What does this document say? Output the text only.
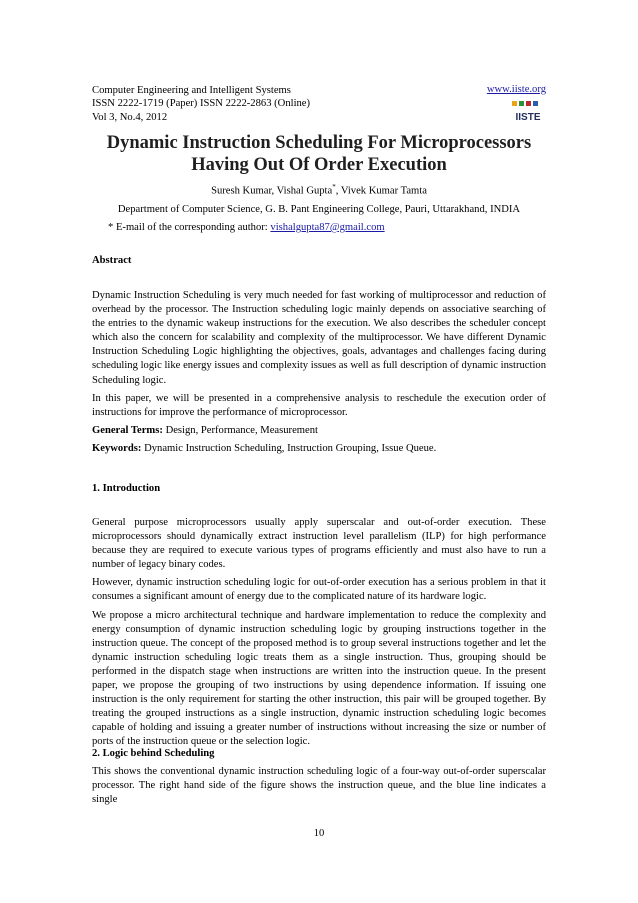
Computer Engineering and Intelligent Systems
ISSN 2222-1719 (Paper) ISSN 2222-2863 (Online)
Vol 3, No.4, 2012
www.iiste.org
IISTE
Dynamic Instruction Scheduling For Microprocessors Having Out Of Order Execution
Suresh Kumar, Vishal Gupta*, Vivek Kumar Tamta
Department of Computer Science, G. B. Pant Engineering College, Pauri, Uttarakhand, INDIA
* E-mail of the corresponding author: vishalgupta87@gmail.com
Abstract

Dynamic Instruction Scheduling is very much needed for fast working of multiprocessor and reduction of overhead by the processor. The Instruction scheduling logic mainly depends on associative searching of the entries to the dynamic wakeup instructions for the execution. We also describes the scheduler concept which also the concern for scalability and complexity of the multiprocessor. We have different Dynamic Instruction Scheduling Logic highlighting the objectives, goals, advantages and challenges facing during scheduling logic like energy issues and complexity issues as well as full description of dynamic instruction Scheduling logic.

In this paper, we will be presented in a comprehensive analysis to reschedule the execution order of instructions for improve the performance of microprocessor.

General Terms: Design, Performance, Measurement

Keywords: Dynamic Instruction Scheduling, Instruction Grouping, Issue Queue.

1. Introduction

General purpose microprocessors usually apply superscalar and out-of-order execution. These microprocessors should dynamically extract instruction level parallelism (ILP) for high performance because they are required to execute various types of programs efficiently and must also have to run a number of legacy binary codes.

However, dynamic instruction scheduling logic for out-of-order execution has a serious problem in that it consumes a significant amount of energy due to the complicated nature of its hardware logic.

We propose a micro architectural technique and hardware implementation to reduce the complexity and energy consumption of dynamic instruction scheduling logic by grouping instructions together in the instruction queue. The concept of the proposed method is to group several instructions together and let the dynamic instruction scheduling logic treats them as a single instruction. Thus, grouping should be performed in the dispatch stage when instructions are written into the instruction queue. In the present paper, we propose the grouping of two instructions by using dependence information. If issuing one instruction is the only requirement for starting the other instruction, this pair will be grouped together. By treating the grouped instructions as a single instruction, dynamic instruction scheduling logic becomes capable of holding and issuing a greater number of instructions without increasing the size or number of ports of the instruction queue or the selection logic.

2. Logic behind Scheduling

This shows the conventional dynamic instruction scheduling logic of a four-way out-of-order superscalar processor. The right hand side of the figure shows the instruction queue, and the blue line indicates a single

10
